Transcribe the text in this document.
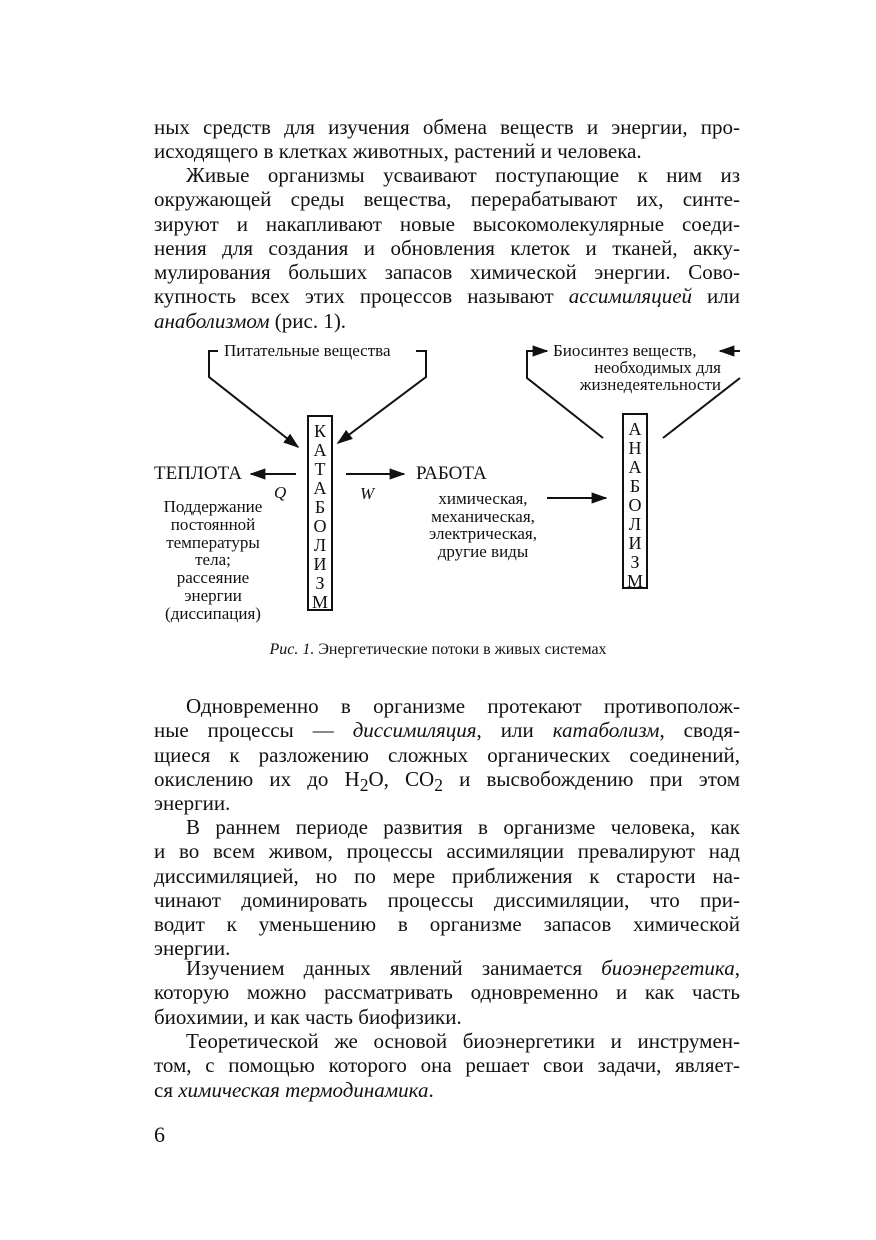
ных средств для изучения обмена веществ и энергии, про-
исходящего в клетках животных, растений и человека.
Живые организмы усваивают поступающие к ним из
окружающей среды вещества, перерабатывают их, синте-
зируют и накапливают новые высокомолекулярные соеди-
нения для создания и обновления клеток и тканей, акку-
мулирования больших запасов химической энергии. Сово-
купность всех этих процессов называют ассимиляцией или
анаболизмом (рис. 1).
Питательные вещества	Биосинтез веществ,
необходимых для
жизнедеятельности
К
А
Т
А
Б
О
Л
И
З
М
А
Н
А
Б
О
Л
И
З
М
ТЕПЛОТА
Q
Поддержание
постоянной
температуры
тела;
рассеяние
энергии
(диссипация)
РАБОТА
W	химическая,
механическая,
электрическая,
другие виды
Рис. 1. Энергетические потоки в живых системах
Одновременно в организме протекают противополож-
ные процессы — диссимиляция, или катаболизм, сводя-
щиеся к разложению сложных органических соединений,
окислению их до $H_2O$, $CO_2$ и высвобождению при этом
энергии.
В раннем периоде развития в организме человека, как
и во всем живом, процессы ассимиляции превалируют над
диссимиляцией, но по мере приближения к старости на-
чинают доминировать процессы диссимиляции, что при-
водит к уменьшению в организме запасов химической
энергии.
Изучением данных явлений занимается биоэнергетика,
которую можно рассматривать одновременно и как часть
биохимии, и как часть биофизики.
Теоретической же основой биоэнергетики и инструмен-
том, с помощью которого она решает свои задачи, являет-
ся химическая термодинамика.
6
